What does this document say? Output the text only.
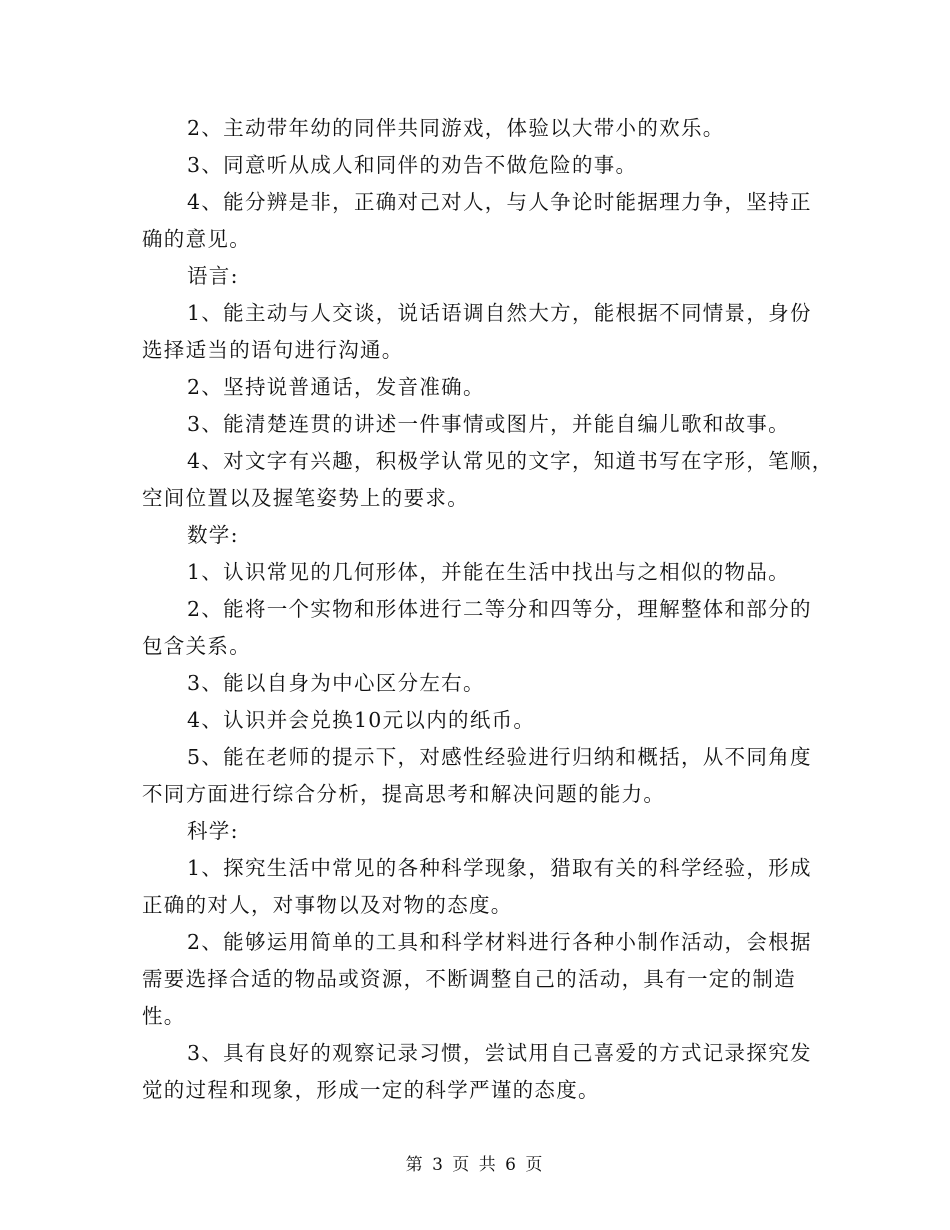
2、主动带年幼的同伴共同游戏，体验以大带小的欢乐。
3、同意听从成人和同伴的劝告不做危险的事。
4、能分辨是非，正确对己对人，与人争论时能据理力争，坚持正
确的意见。
语言:
1、能主动与人交谈，说话语调自然大方，能根据不同情景，身份
选择适当的语句进行沟通。
2、坚持说普通话，发音准确。
3、能清楚连贯的讲述一件事情或图片，并能自编儿歌和故事。
4、对文字有兴趣，积极学认常见的文字，知道书写在字形，笔顺，
空间位置以及握笔姿势上的要求。
数学:
1、认识常见的几何形体，并能在生活中找出与之相似的物品。
2、能将一个实物和形体进行二等分和四等分，理解整体和部分的
包含关系。
3、能以自身为中心区分左右。
4、认识并会兑换10元以内的纸币。
5、能在老师的提示下，对感性经验进行归纳和概括，从不同角度
不同方面进行综合分析，提高思考和解决问题的能力。
科学:
1、探究生活中常见的各种科学现象，猎取有关的科学经验，形成
正确的对人，对事物以及对物的态度。
2、能够运用简单的工具和科学材料进行各种小制作活动，会根据
需要选择合适的物品或资源，不断调整自己的活动，具有一定的制造
性。
3、具有良好的观察记录习惯，尝试用自己喜爱的方式记录探究发
觉的过程和现象，形成一定的科学严谨的态度。
第 3 页 共 6 页
